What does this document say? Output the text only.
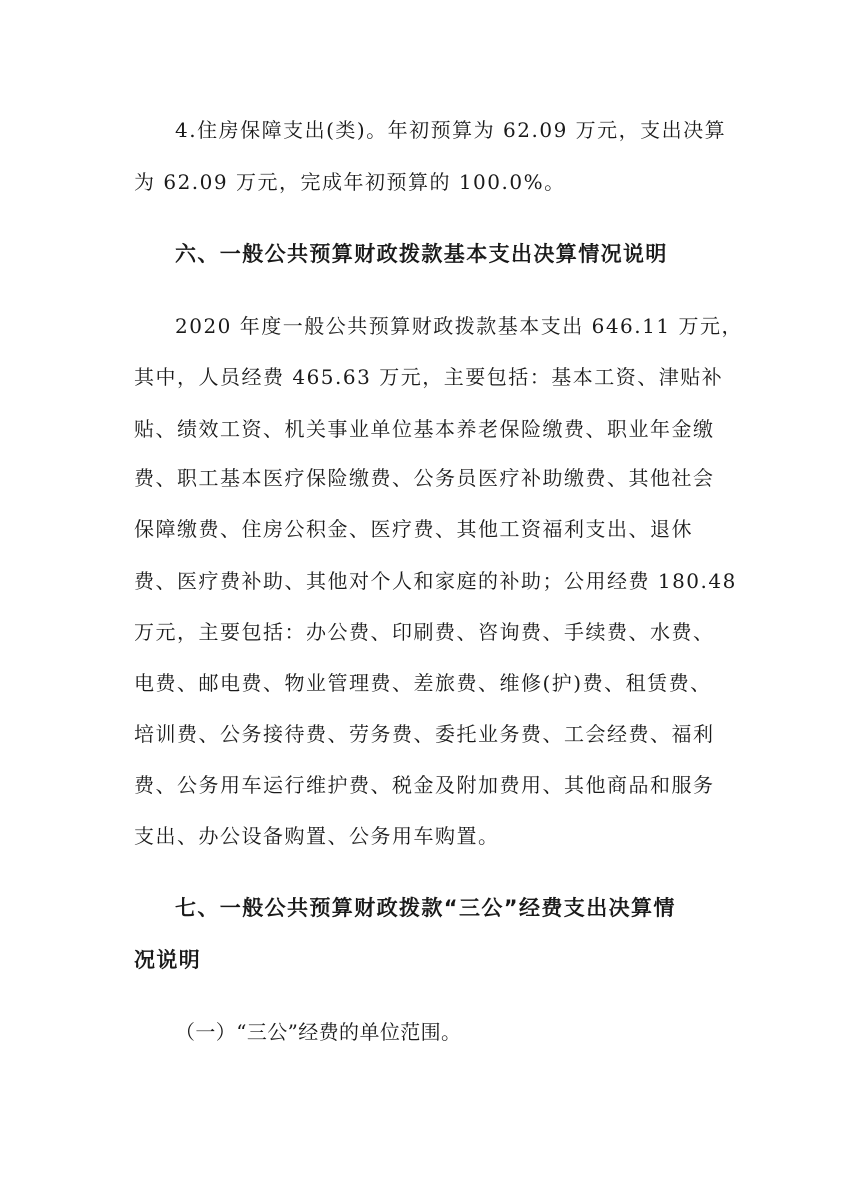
4.住房保障支出(类)。年初预算为 62.09 万元，支出决算

为 62.09 万元，完成年初预算的 100.0%。

六、一般公共预算财政拨款基本支出决算情况说明

2020 年度一般公共预算财政拨款基本支出 646.11 万元，

其中，人员经费 465.63 万元，主要包括：基本工资、津贴补

贴、绩效工资、机关事业单位基本养老保险缴费、职业年金缴

费、职工基本医疗保险缴费、公务员医疗补助缴费、其他社会

保障缴费、住房公积金、医疗费、其他工资福利支出、退休

费、医疗费补助、其他对个人和家庭的补助；公用经费 180.48

万元，主要包括：办公费、印刷费、咨询费、手续费、水费、

电费、邮电费、物业管理费、差旅费、维修(护)费、租赁费、

培训费、公务接待费、劳务费、委托业务费、工会经费、福利

费、公务用车运行维护费、税金及附加费用、其他商品和服务

支出、办公设备购置、公务用车购置。

七、一般公共预算财政拨款“三公”经费支出决算情
况说明

（一）“三公”经费的单位范围。
